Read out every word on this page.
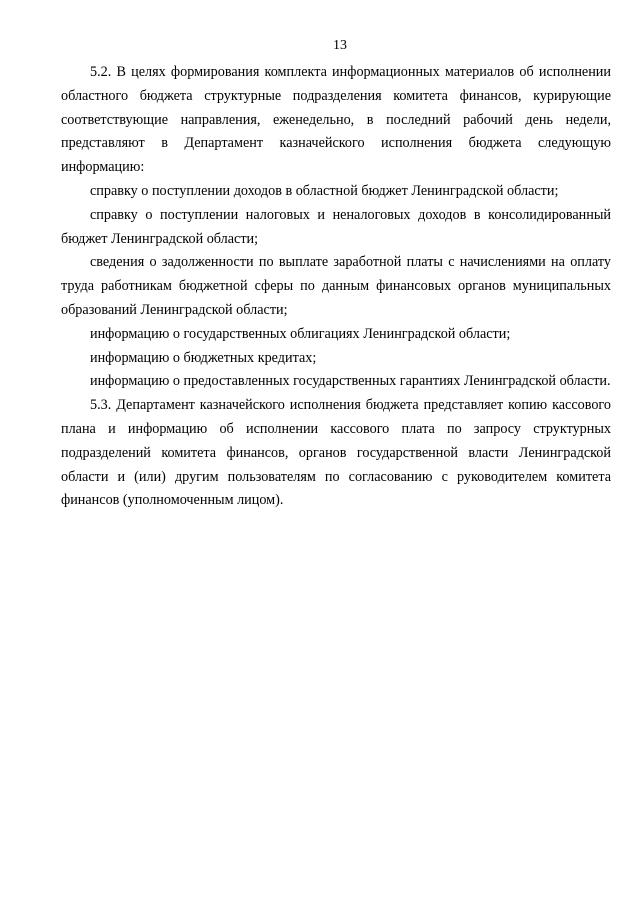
13

5.2. В целях формирования комплекта информационных материалов об исполнении областного бюджета структурные подразделения комитета финансов, курирующие соответствующие направления, еженедельно, в последний рабочий день недели, представляют в Департамент казначейского исполнения бюджета следующую информацию:

справку о поступлении доходов в областной бюджет Ленинградской области;

справку о поступлении налоговых и неналоговых доходов в консолидированный бюджет Ленинградской области;

сведения о задолженности по выплате заработной платы с начислениями на оплату труда работникам бюджетной сферы по данным финансовых органов муниципальных образований Ленинградской области;

информацию о государственных облигациях Ленинградской области;

информацию о бюджетных кредитах;

информацию о предоставленных государственных гарантиях Ленинградской области.

5.3. Департамент казначейского исполнения бюджета представляет копию кассового плана и информацию об исполнении кассового плата по запросу структурных подразделений комитета финансов, органов государственной власти Ленинградской области и (или) другим пользователям по согласованию с руководителем комитета финансов (уполномоченным лицом).
